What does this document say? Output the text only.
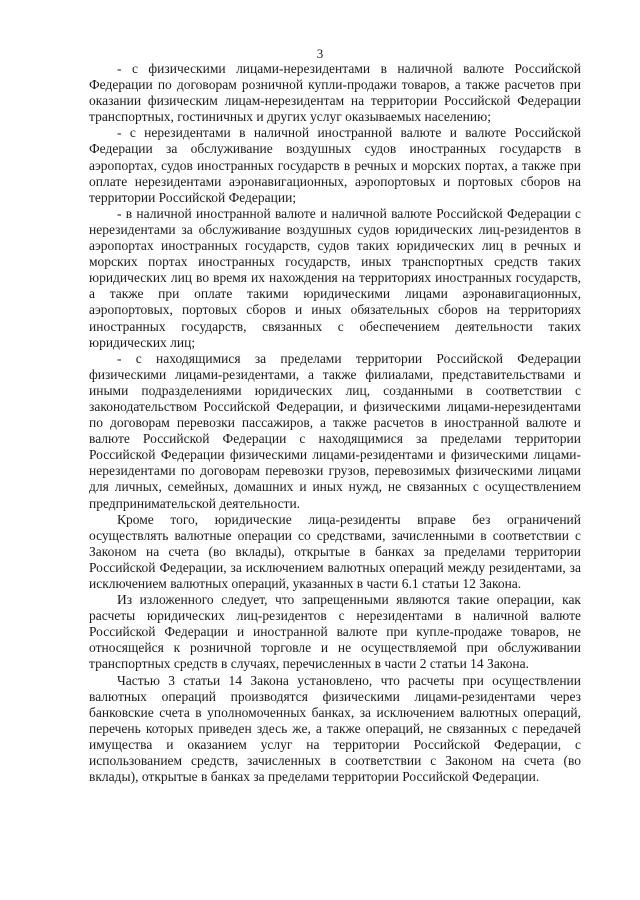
3

- с физическими лицами-нерезидентами в наличной валюте Российской Федерации по договорам розничной купли-продажи товаров, а также расчетов при оказании физическим лицам-нерезидентам на территории Российской Федерации транспортных, гостиничных и других услуг оказываемых населению;

- с нерезидентами в наличной иностранной валюте и валюте Российской Федерации за обслуживание воздушных судов иностранных государств в аэропортах, судов иностранных государств в речных и морских портах, а также при оплате нерезидентами аэронавигационных, аэропортовых и портовых сборов на территории Российской Федерации;

- в наличной иностранной валюте и наличной валюте Российской Федерации с нерезидентами за обслуживание воздушных судов юридических лиц-резидентов в аэропортах иностранных государств, судов таких юридических лиц в речных и морских портах иностранных государств, иных транспортных средств таких юридических лиц во время их нахождения на территориях иностранных государств, а также при оплате такими юридическими лицами аэронавигационных, аэропортовых, портовых сборов и иных обязательных сборов на территориях иностранных государств, связанных с обеспечением деятельности таких юридических лиц;

- с находящимися за пределами территории Российской Федерации физическими лицами-резидентами, а также филиалами, представительствами и иными подразделениями юридических лиц, созданными в соответствии с законодательством Российской Федерации, и физическими лицами-нерезидентами по договорам перевозки пассажиров, а также расчетов в иностранной валюте и валюте Российской Федерации с находящимися за пределами территории Российской Федерации физическими лицами-резидентами и физическими лицами-нерезидентами по договорам перевозки грузов, перевозимых физическими лицами для личных, семейных, домашних и иных нужд, не связанных с осуществлением предпринимательской деятельности.

Кроме того, юридические лица-резиденты вправе без ограничений осуществлять валютные операции со средствами, зачисленными в соответствии с Законом на счета (во вклады), открытые в банках за пределами территории Российской Федерации, за исключением валютных операций между резидентами, за исключением валютных операций, указанных в части 6.1 статьи 12 Закона.

Из изложенного следует, что запрещенными являются такие операции, как расчеты юридических лиц-резидентов с нерезидентами в наличной валюте Российской Федерации и иностранной валюте при купле-продаже товаров, не относящейся к розничной торговле и не осуществляемой при обслуживании транспортных средств в случаях, перечисленных в части 2 статьи 14 Закона.

Частью 3 статьи 14 Закона установлено, что расчеты при осуществлении валютных операций производятся физическими лицами-резидентами через банковские счета в уполномоченных банках, за исключением валютных операций, перечень которых приведен здесь же, а также операций, не связанных с передачей имущества и оказанием услуг на территории Российской Федерации, с использованием средств, зачисленных в соответствии с Законом на счета (во вклады), открытые в банках за пределами территории Российской Федерации.
